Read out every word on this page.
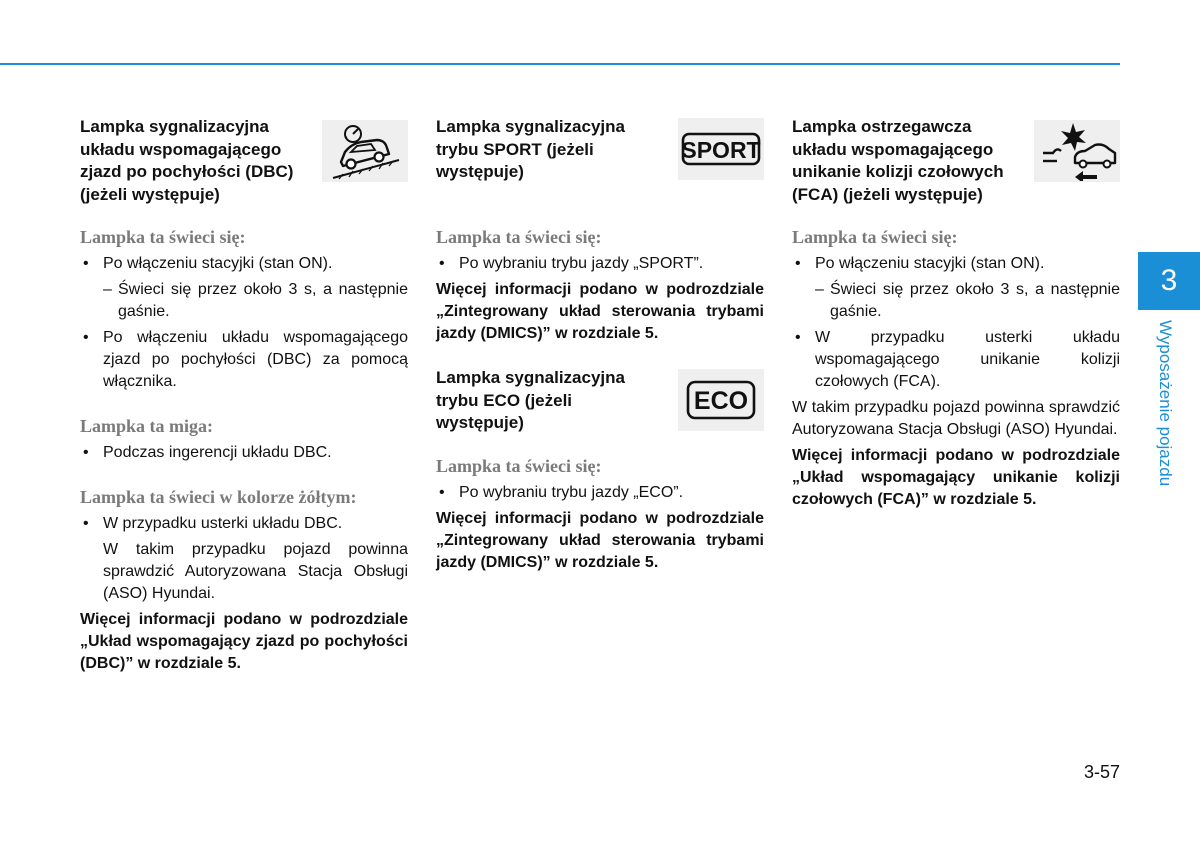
Lampka sygnalizacyjna układu wspomagającego zjazd po pochyłości (DBC) (jeżeli występuje)

Lampka ta świeci się:

• Po włączeniu stacyjki (stan ON).

– Świeci się przez około 3 s, a następnie gaśnie.

• Po włączeniu układu wspomagającego zjazd po pochyłości (DBC) za pomocą włącznika.

Lampka ta miga:

• Podczas ingerencji układu DBC.

Lampka ta świeci w kolorze żółtym:

• W przypadku usterki układu DBC.

W takim przypadku pojazd powinna sprawdzić Autoryzowana Stacja Obsługi (ASO) Hyundai.

Więcej informacji podano w podrozdziale „Układ wspomagający zjazd po pochyłości (DBC)” w rozdziale 5.

Lampka sygnalizacyjna trybu SPORT (jeżeli występuje)

SPORT

Lampka ta świeci się:

• Po wybraniu trybu jazdy „SPORT”.

Więcej informacji podano w podrozdziale „Zintegrowany układ sterowania trybami jazdy (DMICS)” w rozdziale 5.

Lampka sygnalizacyjna trybu ECO (jeżeli występuje)

ECO

Lampka ta świeci się:

• Po wybraniu trybu jazdy „ECO”.

Więcej informacji podano w podrozdziale „Zintegrowany układ sterowania trybami jazdy (DMICS)” w rozdziale 5.

Lampka ostrzegawcza układu wspomagającego unikanie kolizji czołowych (FCA) (jeżeli występuje)

Lampka ta świeci się:

• Po włączeniu stacyjki (stan ON).

– Świeci się przez około 3 s, a następnie gaśnie.

• W przypadku usterki układu wspomagającego unikanie kolizji czołowych (FCA).

W takim przypadku pojazd powinna sprawdzić Autoryzowana Stacja Obsługi (ASO) Hyundai.

Więcej informacji podano w podrozdziale „Układ wspomagający unikanie kolizji czołowych (FCA)” w rozdziale 5.

3
Wyposażenie pojazdu
3-57
